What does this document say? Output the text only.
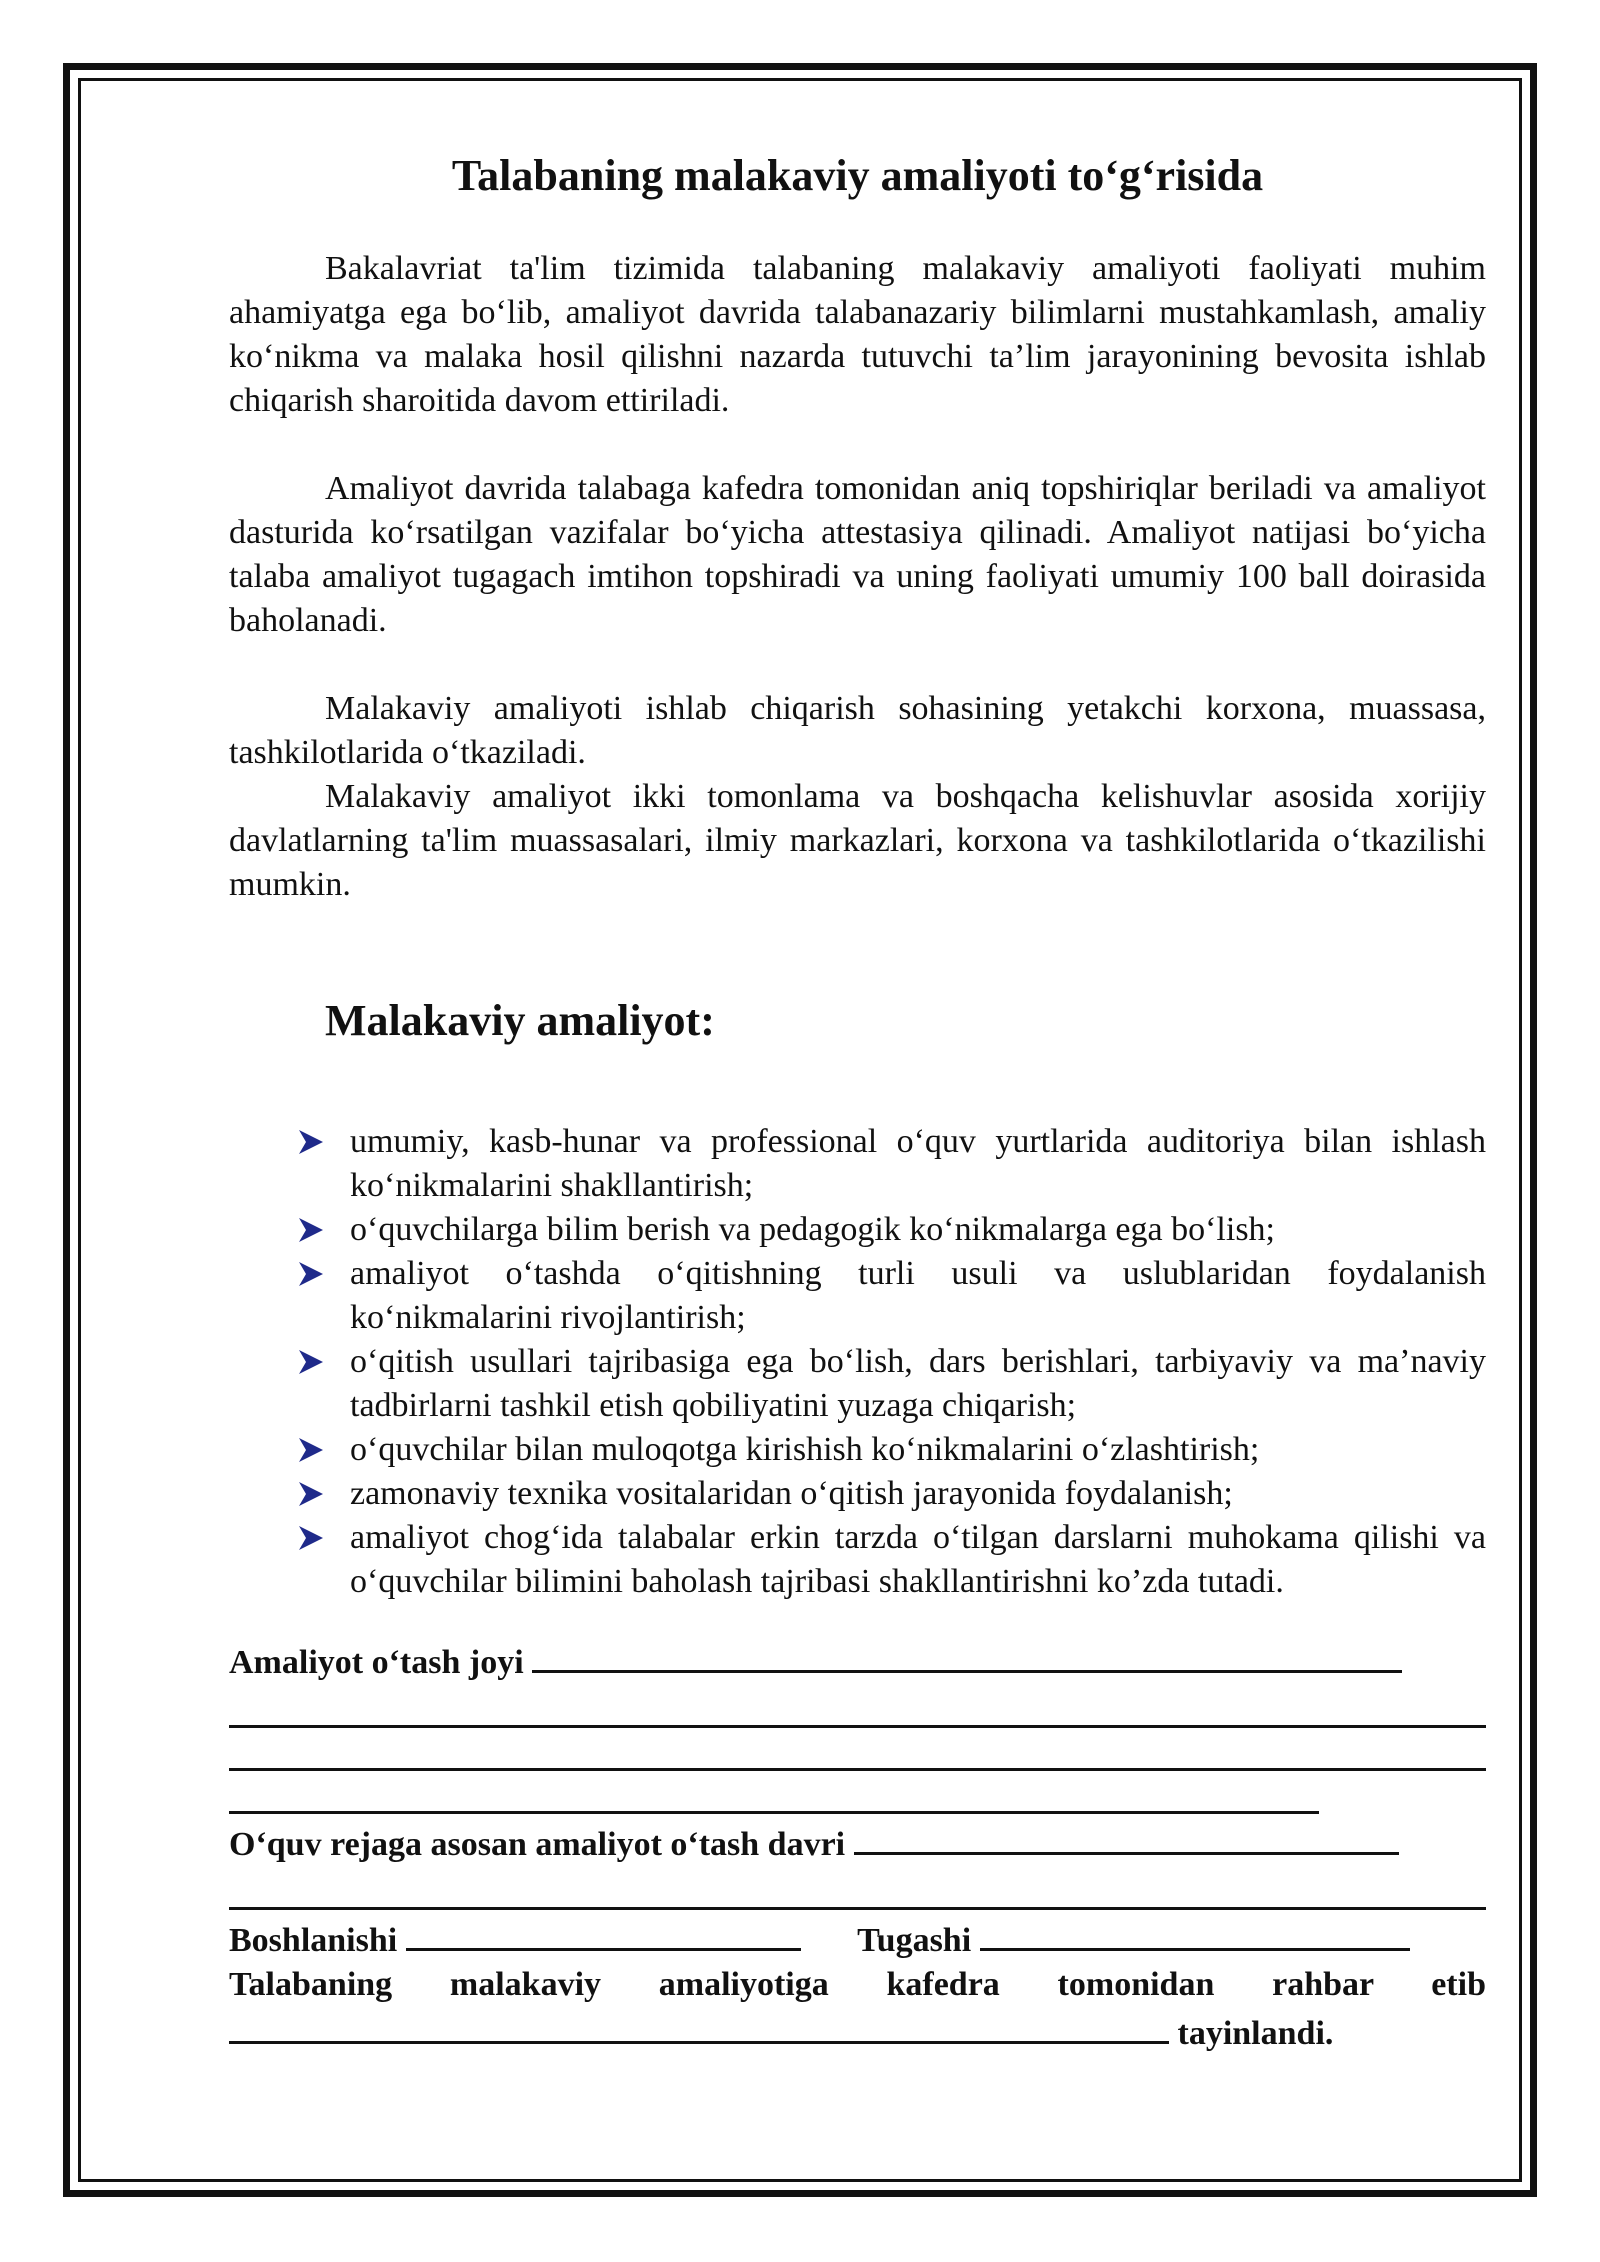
Talabaning malakaviy amaliyoti to‘g‘risida

Bakalavriat ta'lim tizimida talabaning malakaviy amaliyoti faoliyati muhim ahamiyatga ega bo‘lib, amaliyot davrida talabanazariy bilimlarni mustahkamlash, amaliy ko‘nikma va malaka hosil qilishni nazarda tutuvchi ta’lim jarayonining bevosita ishlab chiqarish sharoitida davom ettiriladi.

Amaliyot davrida talabaga kafedra tomonidan aniq topshiriqlar beriladi va amaliyot dasturida ko‘rsatilgan vazifalar bo‘yicha attestasiya qilinadi. Amaliyot natijasi bo‘yicha talaba amaliyot tugagach imtihon topshiradi va uning faoliyati umumiy 100 ball doirasida baholanadi.

Malakaviy amaliyoti ishlab chiqarish sohasining yetakchi korxona, muassasa, tashkilotlarida o‘tkaziladi.

Malakaviy amaliyot ikki tomonlama va boshqacha kelishuvlar asosida xorijiy davlatlarning ta'lim muassasalari, ilmiy markazlari, korxona va tashkilotlarida o‘tkazilishi mumkin.

Malakaviy amaliyot:
umumiy, kasb-hunar va professional o‘quv yurtlarida auditoriya bilan ishlash ko‘nikmalarini shakllantirish;
o‘quvchilarga bilim berish va pedagogik ko‘nikmalarga ega bo‘lish;
amaliyot o‘tashda o‘qitishning turli usuli va uslublaridan foydalanish ko‘nikmalarini rivojlantirish;
o‘qitish usullari tajribasiga ega bo‘lish, dars berishlari, tarbiyaviy va ma’naviy tadbirlarni tashkil etish qobiliyatini yuzaga chiqarish;
o‘quvchilar bilan muloqotga kirishish ko‘nikmalarini o‘zlashtirish;
zamonaviy texnika vositalaridan o‘qitish jarayonida foydalanish;
amaliyot chog‘ida talabalar erkin tarzda o‘tilgan darslarni muhokama qilishi va o‘quvchilar bilimini baholash tajribasi shakllantirishni ko’zda tutadi.
Amaliyot o‘tash joyi
O‘quv rejaga asosan amaliyot o‘tash davri
Boshlanishi	Tugashi
Talabaning malakaviy amaliyotiga kafedra tomonidan rahbar etib
tayinlandi.
